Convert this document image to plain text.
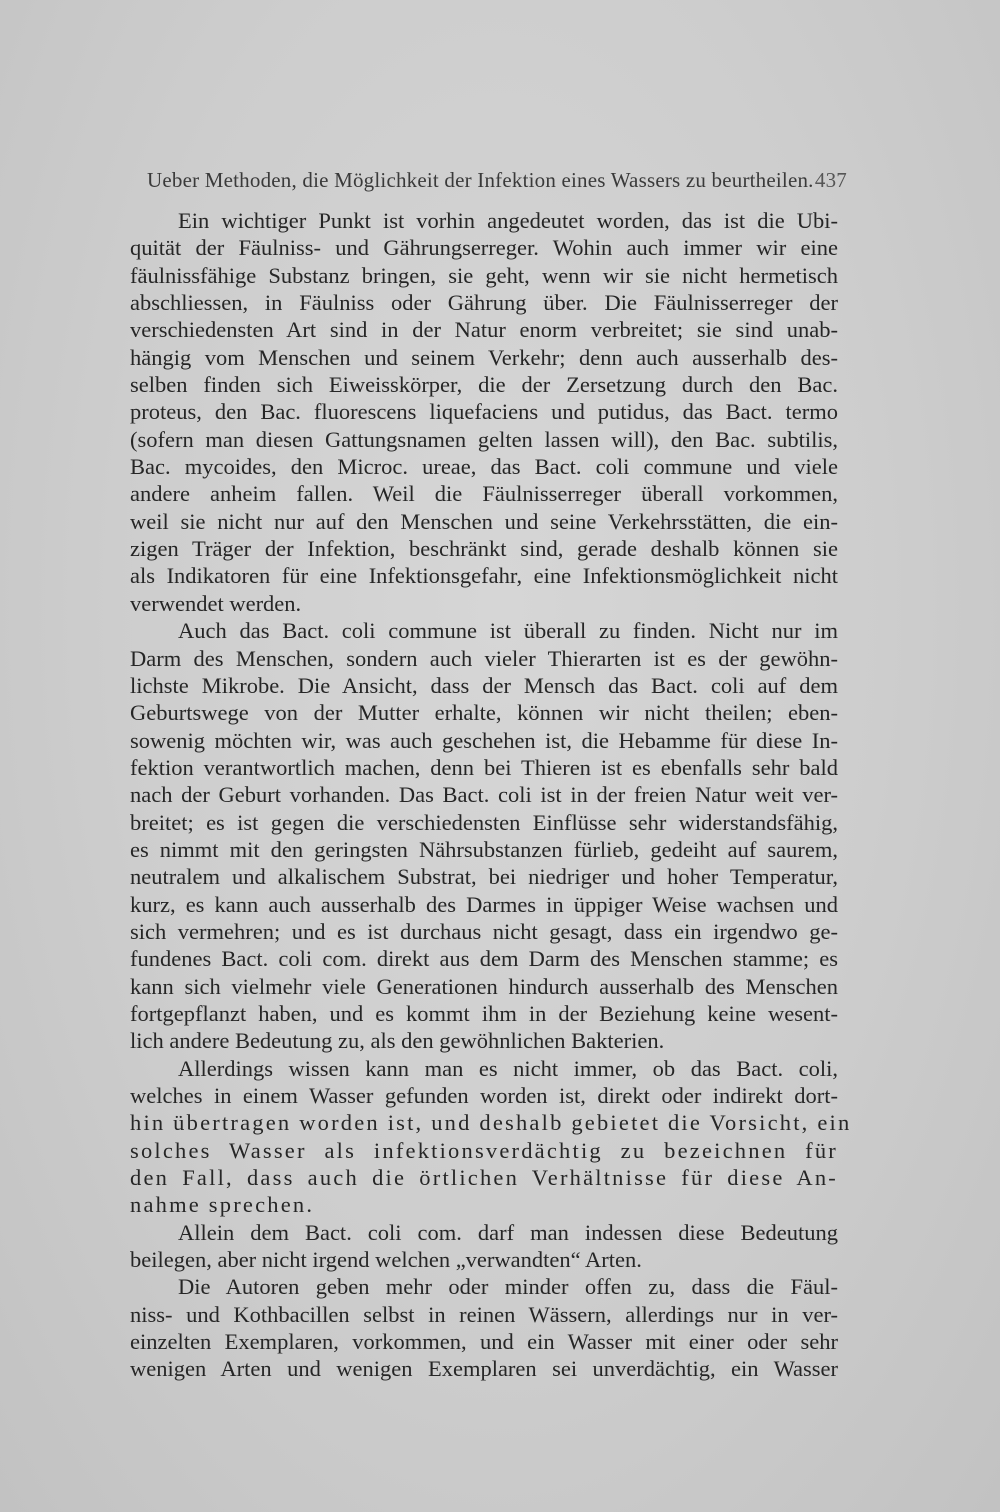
Ueber Methoden, die Möglichkeit der Infektion eines Wassers zu beurtheilen. 437
Ein wichtiger Punkt ist vorhin angedeutet worden, das ist die Ubi-
quität der Fäulniss- und Gährungserreger. Wohin auch immer wir eine
fäulnissfähige Substanz bringen, sie geht, wenn wir sie nicht hermetisch
abschliessen, in Fäulniss oder Gährung über. Die Fäulnisserreger der
verschiedensten Art sind in der Natur enorm verbreitet; sie sind unab-
hängig vom Menschen und seinem Verkehr; denn auch ausserhalb des-
selben finden sich Eiweisskörper, die der Zersetzung durch den Bac.
proteus, den Bac. fluorescens liquefaciens und putidus, das Bact. termo
(sofern man diesen Gattungsnamen gelten lassen will), den Bac. subtilis,
Bac. mycoides, den Microc. ureae, das Bact. coli commune und viele
andere anheim fallen. Weil die Fäulnisserreger überall vorkommen,
weil sie nicht nur auf den Menschen und seine Verkehrsstätten, die ein-
zigen Träger der Infektion, beschränkt sind, gerade deshalb können sie
als Indikatoren für eine Infektionsgefahr, eine Infektionsmöglichkeit nicht
verwendet werden.
Auch das Bact. coli commune ist überall zu finden. Nicht nur im
Darm des Menschen, sondern auch vieler Thierarten ist es der gewöhn-
lichste Mikrobe. Die Ansicht, dass der Mensch das Bact. coli auf dem
Geburtswege von der Mutter erhalte, können wir nicht theilen; eben-
sowenig möchten wir, was auch geschehen ist, die Hebamme für diese In-
fektion verantwortlich machen, denn bei Thieren ist es ebenfalls sehr bald
nach der Geburt vorhanden. Das Bact. coli ist in der freien Natur weit ver-
breitet; es ist gegen die verschiedensten Einflüsse sehr widerstandsfähig,
es nimmt mit den geringsten Nährsubstanzen fürlieb, gedeiht auf saurem,
neutralem und alkalischem Substrat, bei niedriger und hoher Temperatur,
kurz, es kann auch ausserhalb des Darmes in üppiger Weise wachsen und
sich vermehren; und es ist durchaus nicht gesagt, dass ein irgendwo ge-
fundenes Bact. coli com. direkt aus dem Darm des Menschen stamme; es
kann sich vielmehr viele Generationen hindurch ausserhalb des Menschen
fortgepflanzt haben, und es kommt ihm in der Beziehung keine wesent-
lich andere Bedeutung zu, als den gewöhnlichen Bakterien.
Allerdings wissen kann man es nicht immer, ob das Bact. coli,
welches in einem Wasser gefunden worden ist, direkt oder indirekt dort-
hin übertragen worden ist, und deshalb gebietet die Vorsicht, ein
solches Wasser als infektionsverdächtig zu bezeichnen für
den Fall, dass auch die örtlichen Verhältnisse für diese An-
nahme sprechen.
Allein dem Bact. coli com. darf man indessen diese Bedeutung
beilegen, aber nicht irgend welchen „verwandten“ Arten.
Die Autoren geben mehr oder minder offen zu, dass die Fäul-
niss- und Kothbacillen selbst in reinen Wässern, allerdings nur in ver-
einzelten Exemplaren, vorkommen, und ein Wasser mit einer oder sehr
wenigen Arten und wenigen Exemplaren sei unverdächtig, ein Wasser
